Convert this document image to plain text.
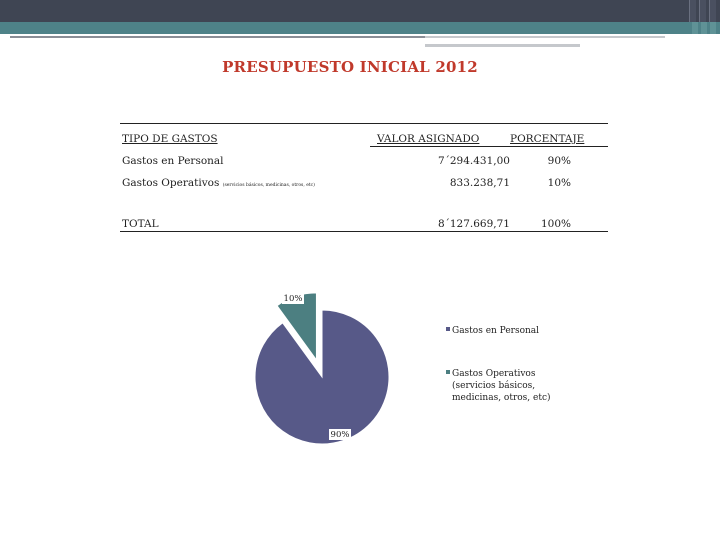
PRESUPUESTO INICIAL 2012
TIPO DE GASTOS	VALOR ASIGNADO	PORCENTAJE
Gastos en Personal	7´294.431,00	90%
Gastos Operativos (servicios básicos, medicinas, otros, etc)	833.238,71	10%
TOTAL	8´127.669,71	100%
90%
10%
Gastos en Personal
Gastos Operativos
(servicios básicos,
medicinas, otros, etc)
